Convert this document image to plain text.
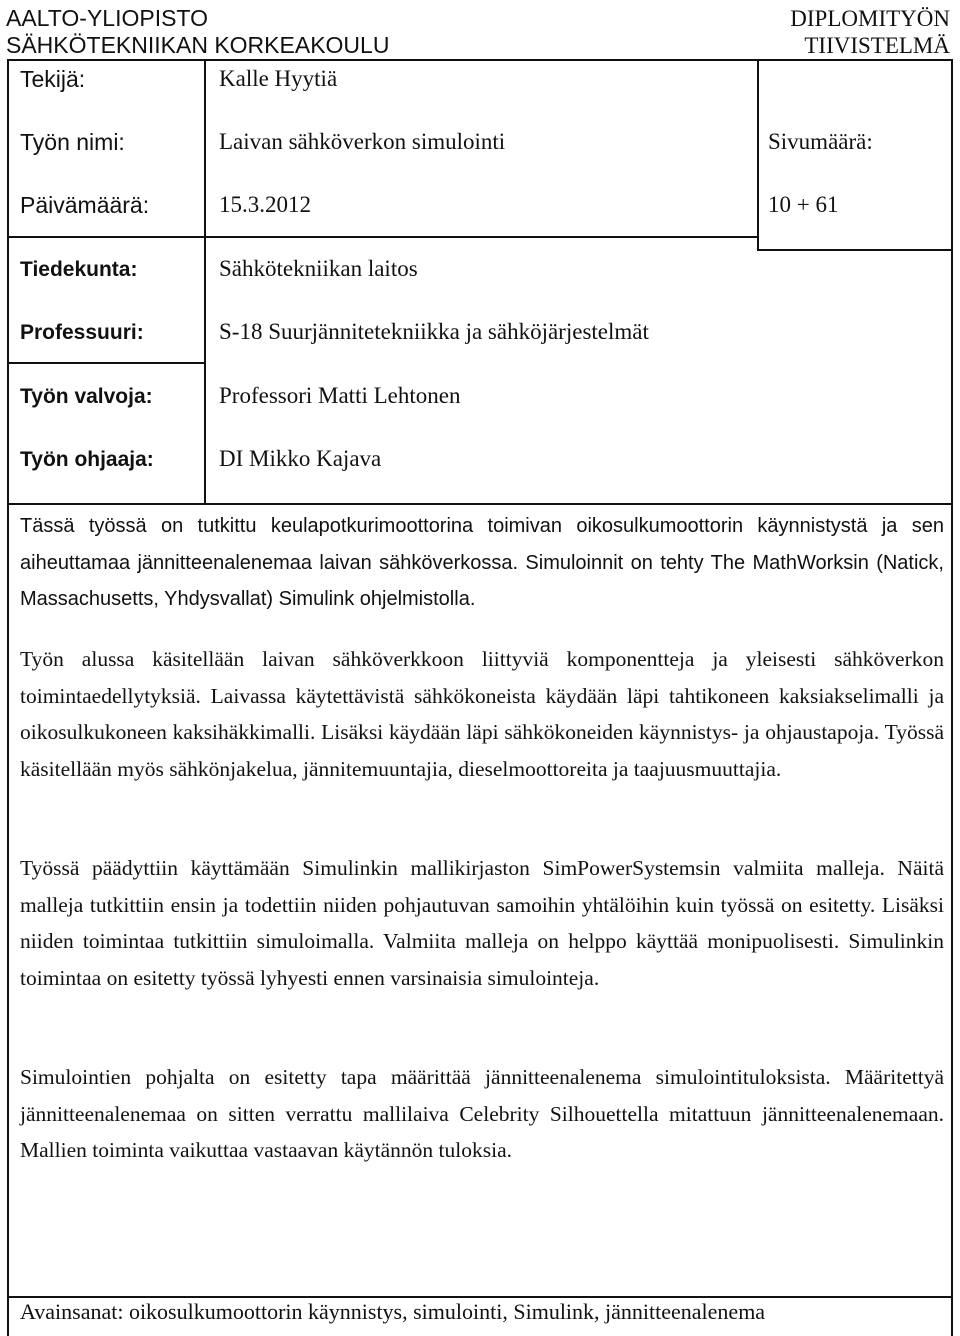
AALTO-YLIOPISTO
SÄHKÖTEKNIIKAN KORKEAKOULU
DIPLOMITYÖN
TIIVISTELMÄ
Tekijä:	Kalle Hyytiä
Työn nimi:	Laivan sähköverkon simulointi	Sivumäärä:
Päivämäärä:	15.3.2012	10 + 61
Tiedekunta:	Sähkötekniikan laitos
Professuuri:	S-18 Suurjännitetekniikka ja sähköjärjestelmät
Työn valvoja:	Professori Matti Lehtonen
Työn ohjaaja:	DI Mikko Kajava
Tässä työssä on tutkittu keulapotkurimoottorina toimivan oikosulkumoottorin käynnistystä ja sen aiheuttamaa jännitteenalenemaa laivan sähköverkossa. Simuloinnit on tehty The MathWorksin (Natick, Massachusetts, Yhdysvallat) Simulink ohjelmistolla.
Työn alussa käsitellään laivan sähköverkkoon liittyviä komponentteja ja yleisesti sähköverkon toimintaedellytyksiä. Laivassa käytettävistä sähkökoneista käydään läpi tahtikoneen kaksiakselimalli ja oikosulkukoneen kaksihäkkimalli. Lisäksi käydään läpi sähkökoneiden käynnistys- ja ohjaustapoja. Työssä käsitellään myös sähkönjakelua, jännitemuuntajia, dieselmoottoreita ja taajuusmuuttajia.
Työssä päädyttiin käyttämään Simulinkin mallikirjaston SimPowerSystemsin valmiita malleja. Näitä malleja tutkittiin ensin ja todettiin niiden pohjautuvan samoihin yhtälöihin kuin työssä on esitetty. Lisäksi niiden toimintaa tutkittiin simuloimalla. Valmiita malleja on helppo käyttää monipuolisesti. Simulinkin toimintaa on esitetty työssä lyhyesti ennen varsinaisia simulointeja.
Simulointien pohjalta on esitetty tapa määrittää jännitteenalenema simulointituloksista. Määritettyä jännitteenalenemaa on sitten verrattu mallilaiva Celebrity Silhouettella mitattuun jännitteenalenemaan. Mallien toiminta vaikuttaa vastaavan käytännön tuloksia.
Avainsanat: oikosulkumoottorin käynnistys, simulointi, Simulink, jännitteenalenema
